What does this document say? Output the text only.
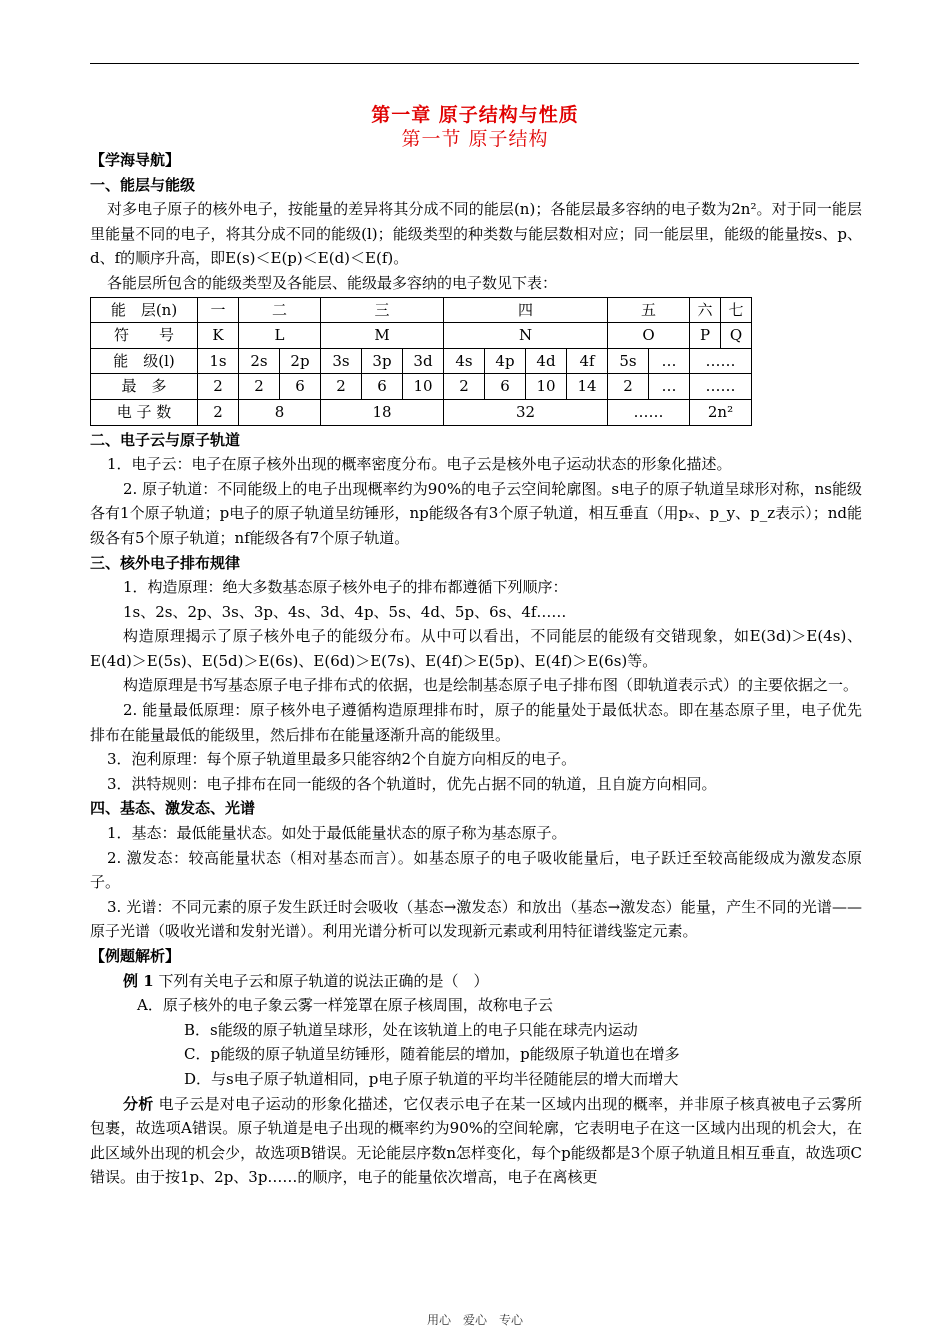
第一章 原子结构与性质
第一节 原子结构

【学海导航】

一、能层与能级

对多电子原子的核外电子，按能量的差异将其分成不同的能层(n)；各能层最多容纳的电子数为2n²。对于同一能层里能量不同的电子，将其分成不同的能级(l)；能级类型的种类数与能层数相对应；同一能层里，能级的能量按s、p、d、f的顺序升高，即E(s)＜E(p)＜E(d)＜E(f)。

各能层所包含的能级类型及各能层、能级最多容纳的电子数见下表：

能　层(n)	一	二		三			四				五		六	七
符　　号	K	L		M			N				O		P	Q
能　级(l)	1s	2s	2p	3s	3p	3d	4s	4p	4d	4f	5s	…	……	
最　多	2	2	6	2	6	10	2	6	10	14	2	…	……	
电 子 数	2	8		18			32				……		2n²	

二、电子云与原子轨道

1．电子云：电子在原子核外出现的概率密度分布。电子云是核外电子运动状态的形象化描述。

2. 原子轨道：不同能级上的电子出现概率约为90%的电子云空间轮廓图。s电子的原子轨道呈球形对称，ns能级各有1个原子轨道；p电子的原子轨道呈纺锤形，np能级各有3个原子轨道，相互垂直（用pₓ、p_y、p_z表示）；nd能级各有5个原子轨道；nf能级各有7个原子轨道。

三、核外电子排布规律

1．构造原理：绝大多数基态原子核外电子的排布都遵循下列顺序：

1s、2s、2p、3s、3p、4s、3d、4p、5s、4d、5p、6s、4f……

构造原理揭示了原子核外电子的能级分布。从中可以看出，不同能层的能级有交错现象，如E(3d)＞E(4s)、E(4d)＞E(5s)、E(5d)＞E(6s)、E(6d)＞E(7s)、E(4f)＞E(5p)、E(4f)＞E(6s)等。

构造原理是书写基态原子电子排布式的依据，也是绘制基态原子电子排布图（即轨道表示式）的主要依据之一。

2. 能量最低原理：原子核外电子遵循构造原理排布时，原子的能量处于最低状态。即在基态原子里，电子优先排布在能量最低的能级里，然后排布在能量逐渐升高的能级里。

3．泡利原理：每个原子轨道里最多只能容纳2个自旋方向相反的电子。

3．洪特规则：电子排布在同一能级的各个轨道时，优先占据不同的轨道，且自旋方向相同。

四、基态、激发态、光谱

1．基态：最低能量状态。如处于最低能量状态的原子称为基态原子。

2. 激发态：较高能量状态（相对基态而言）。如基态原子的电子吸收能量后，电子跃迁至较高能级成为激发态原子。

3. 光谱：不同元素的原子发生跃迁时会吸收（基态→激发态）和放出（基态→激发态）能量，产生不同的光谱——原子光谱（吸收光谱和发射光谱）。利用光谱分析可以发现新元素或利用特征谱线鉴定元素。

【例题解析】

例 1 下列有关电子云和原子轨道的说法正确的是（　）

A．原子核外的电子象云雾一样笼罩在原子核周围，故称电子云

B．s能级的原子轨道呈球形，处在该轨道上的电子只能在球壳内运动

C．p能级的原子轨道呈纺锤形，随着能层的增加，p能级原子轨道也在增多

D．与s电子原子轨道相同，p电子原子轨道的平均半径随能层的增大而增大

分析 电子云是对电子运动的形象化描述，它仅表示电子在某一区域内出现的概率，并非原子核真被电子云雾所包裹，故选项A错误。原子轨道是电子出现的概率约为90%的空间轮廓，它表明电子在这一区域内出现的机会大，在此区域外出现的机会少，故选项B错误。无论能层序数n怎样变化，每个p能级都是3个原子轨道且相互垂直，故选项C错误。由于按1p、2p、3p……的顺序，电子的能量依次增高，电子在离核更

用心　爱心　专心
